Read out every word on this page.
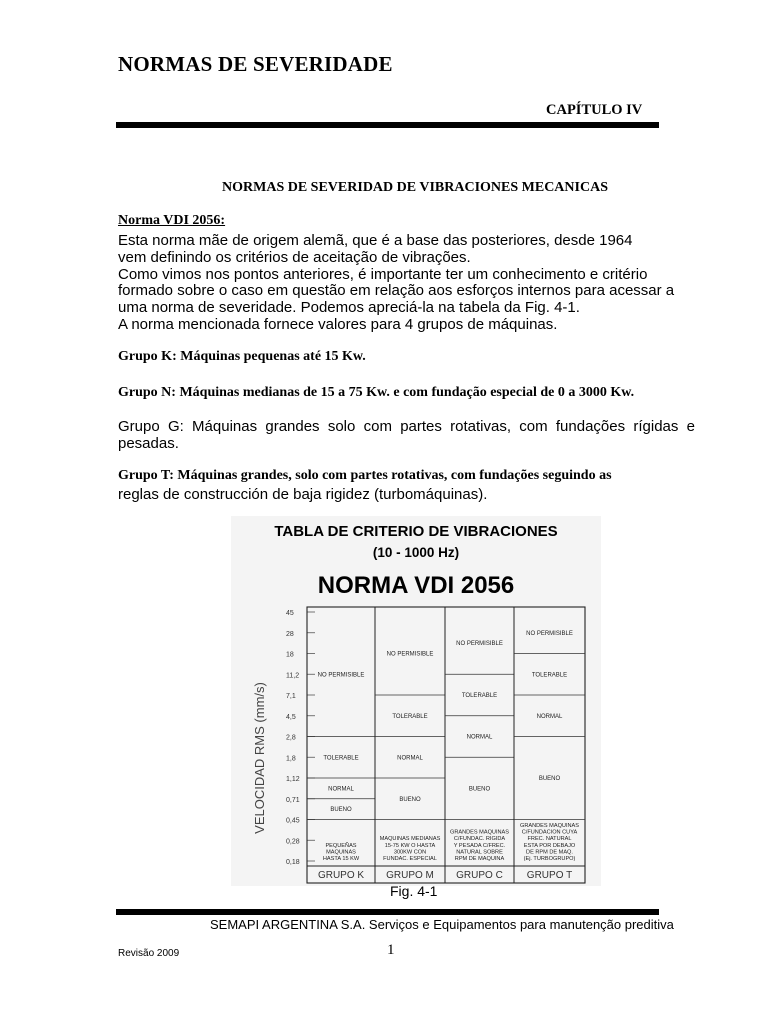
NORMAS DE SEVERIDADE
CAPÍTULO IV
NORMAS DE SEVERIDAD DE VIBRACIONES MECANICAS
Norma VDI 2056:
Esta norma mãe de origem alemã, que é a base das posteriores, desde 1964
vem definindo os critérios de aceitação de vibrações.
Como vimos nos pontos anteriores, é importante ter um conhecimento e critério
formado sobre o caso em questão em relação aos esforços internos para acessar a
uma norma de severidade. Podemos apreciá-la na tabela da Fig. 4-1.
A norma mencionada fornece valores para 4 grupos de máquinas.
Grupo K: Máquinas pequenas até 15 Kw.
Grupo N: Máquinas medianas de 15 a 75 Kw. e com fundação especial de 0 a 3000 Kw.
Grupo G: Máquinas grandes solo com partes rotativas, com fundações rígidas e
pesadas.
Grupo T: Máquinas grandes, solo com partes rotativas, com fundações seguindo as
reglas de construcción de baja rigidez (turbomáquinas).
TABLA DE CRITERIO DE VIBRACIONES
(10 - 1000 Hz)
NORMA VDI 2056
VELOCIDAD RMS (mm/s)
45
28
18
11,2
7,1
4,5
2,8
1,8
1,12
0,71
0,45
0,28
0,18
NO PERMISIBLE
TOLERABLE
NORMAL
BUENO
PEQUEÑAS
MAQUINAS
HASTA 15 KW
GRUPO K
NO PERMISIBLE
TOLERABLE
NORMAL
BUENO
MAQUINAS MEDIANAS
15-75 KW O HASTA
300KW CON
FUNDAC. ESPECIAL
GRUPO M
NO PERMISIBLE
TOLERABLE
NORMAL
BUENO
GRANDES MAQUINAS
C/FUNDAC. RIGIDA
Y PESADA C/FREC.
NATURAL SOBRE
RPM DE MAQUINA
GRUPO C
NO PERMISIBLE
TOLERABLE
NORMAL
BUENO
GRANDES MAQUINAS
C/FUNDACION CUYA
FREC. NATURAL
ESTA POR DEBAJO
DE RPM DE MAQ.
(Ej. TURBOGRUPO)
GRUPO T
Fig. 4-1
SEMAPI ARGENTINA S.A. Serviços e Equipamentos para manutenção preditiva
Revisão 2009	1
